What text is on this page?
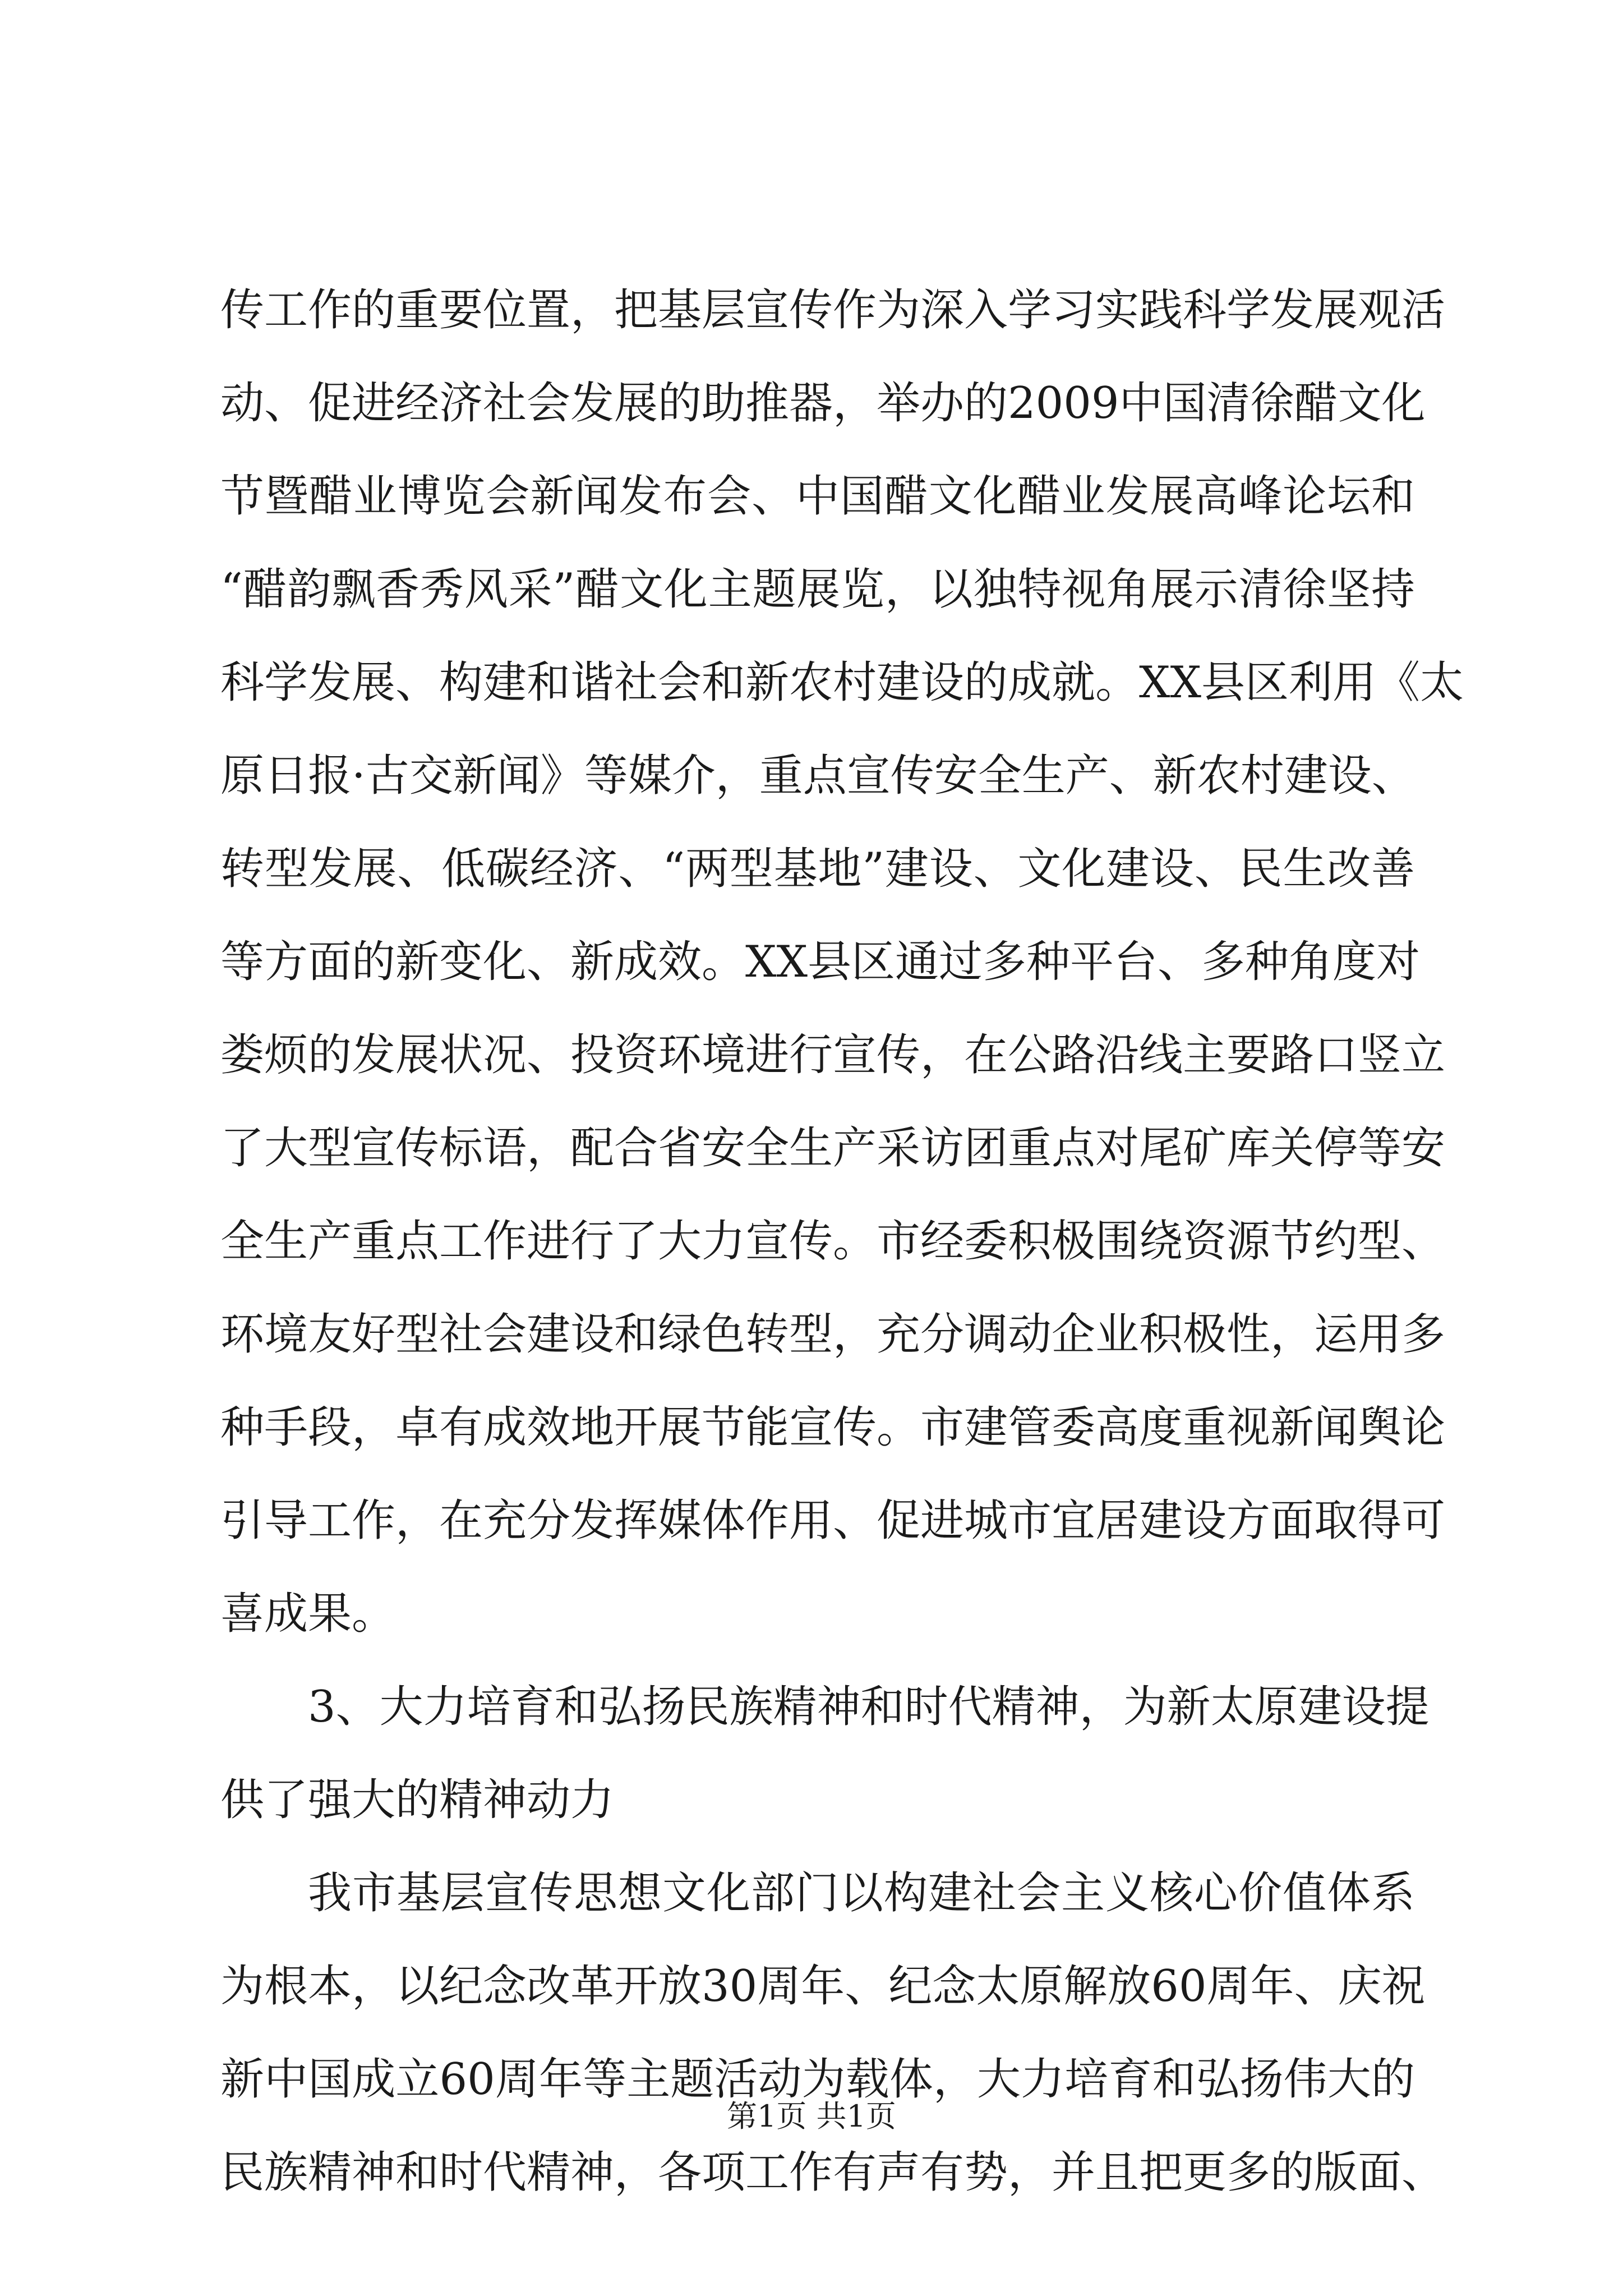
传工作的重要位置，把基层宣传作为深入学习实践科学发展观活
动、促进经济社会发展的助推器，举办的2009中国清徐醋文化
节暨醋业博览会新闻发布会、中国醋文化醋业发展高峰论坛和
“醋韵飘香秀风采”醋文化主题展览，以独特视角展示清徐坚持
科学发展、构建和谐社会和新农村建设的成就。XX县区利用《太
原日报·古交新闻》等媒介，重点宣传安全生产、新农村建设、
转型发展、低碳经济、“两型基地”建设、文化建设、民生改善
等方面的新变化、新成效。XX县区通过多种平台、多种角度对
娄烦的发展状况、投资环境进行宣传，在公路沿线主要路口竖立
了大型宣传标语，配合省安全生产采访团重点对尾矿库关停等安
全生产重点工作进行了大力宣传。市经委积极围绕资源节约型、
环境友好型社会建设和绿色转型，充分调动企业积极性，运用多
种手段，卓有成效地开展节能宣传。市建管委高度重视新闻舆论
引导工作，在充分发挥媒体作用、促进城市宜居建设方面取得可
喜成果。
3、大力培育和弘扬民族精神和时代精神，为新太原建设提
供了强大的精神动力
我市基层宣传思想文化部门以构建社会主义核心价值体系
为根本，以纪念改革开放30周年、纪念太原解放60周年、庆祝
新中国成立60周年等主题活动为载体，大力培育和弘扬伟大的
民族精神和时代精神，各项工作有声有势，并且把更多的版面、
第1页 共1页
